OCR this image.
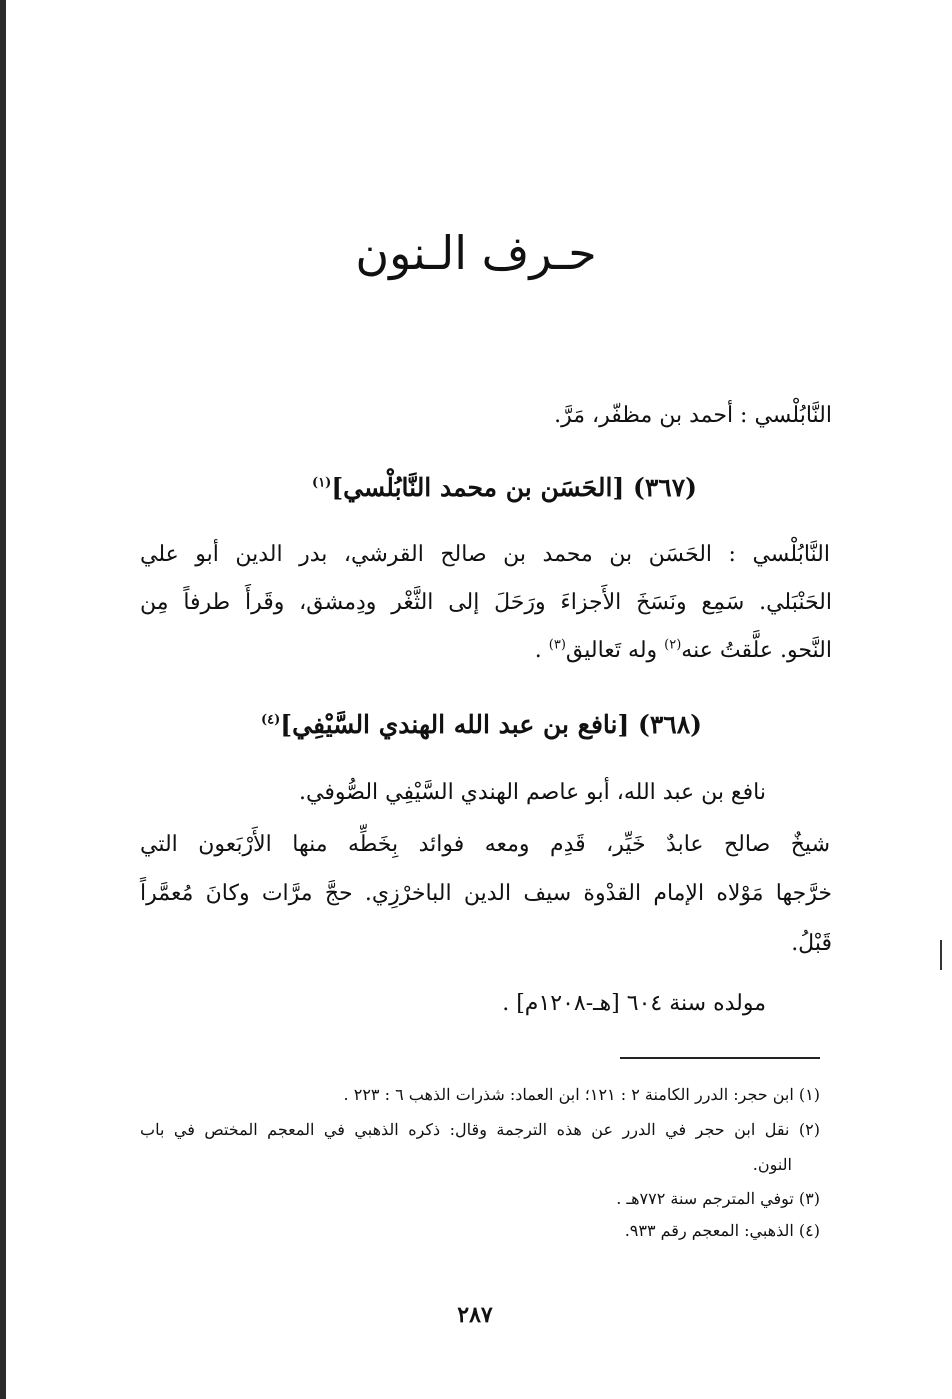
حـرف الـنون
النَّابُلْسي : أحمد بن مظفّر، مَرَّ.
(٣٦٧) [الحَسَن بن محمد النَّابُلْسي]$^{(١)}$
النَّابُلْسي : الحَسَن بن محمد بن صالح القرشي، بدر الدين أبو علي
الحَنْبَلي. سَمِع ونَسَخَ الأَجزاءَ ورَحَلَ إلى الثَّغْر ودِمشق، وقَرأَ طرفاً مِن
النَّحو. علَّقتُ عنه$^{(٢)}$ وله تَعاليق$^{(٣)}$ .
(٣٦٨) [نافع بن عبد الله الهندي السَّيْفِي]$^{(٤)}$
نافع بن عبد الله، أبو عاصم الهندي السَّيْفِي الصُّوفي.
شيخٌ صالح عابدٌ خَيِّر، قَدِم ومعه فوائد بِخَطِّه منها الأَرْبَعون التي
خرَّجها مَوْلاه الإمام القدْوة سيف الدين الباخرْزِي. حجَّ مرَّات وكانَ مُعمَّراً
قَبْلُ.
مولده سنة ٦٠٤ [هـ-١٢٠٨م] .
(١) ابن حجر: الدرر الكامنة ٢ : ١٢١؛ ابن العماد: شذرات الذهب ٦ : ٢٢٣ .
(٢) نقل ابن حجر في الدرر عن هذه الترجمة وقال: ذكره الذهبي في المعجم المختص في باب
النون.
(٣) توفي المترجم سنة ٧٧٢هـ .
(٤) الذهبي: المعجم رقم ٩٣٣.
٢٨٧
